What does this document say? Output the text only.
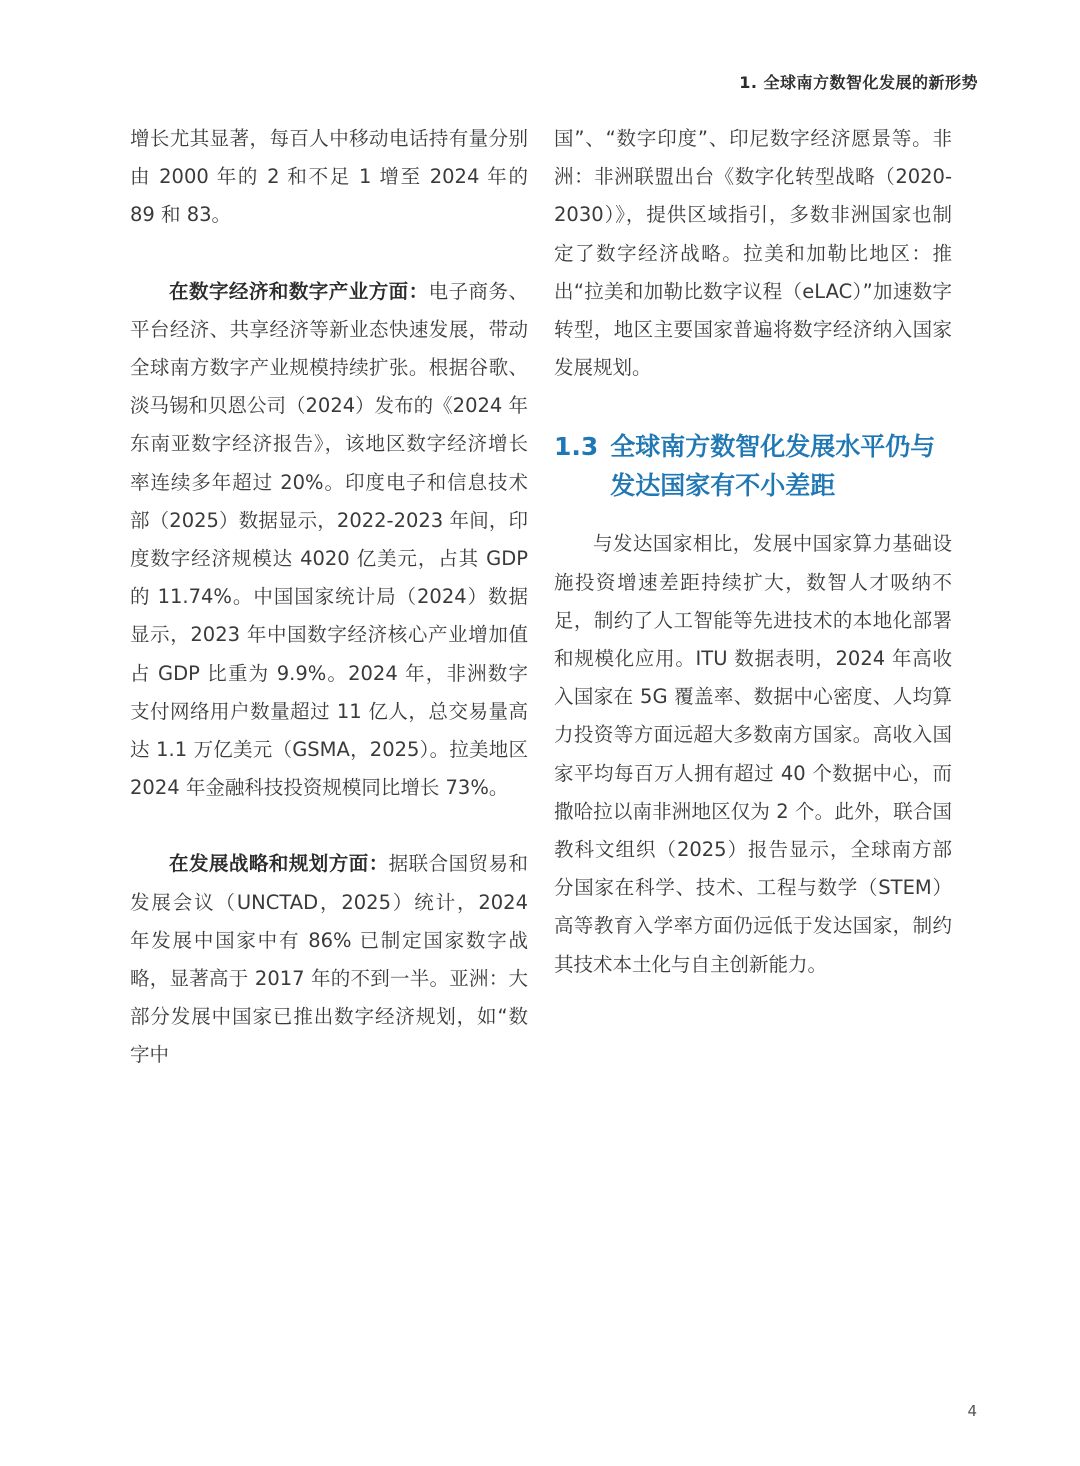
1. 全球南方数智化发展的新形势

增长尤其显著，每百人中移动电话持有量分别由 2000 年的 2 和不足 1 增至 2024 年的 89 和 83。

在数字经济和数字产业方面：电子商务、平台经济、共享经济等新业态快速发展，带动全球南方数字产业规模持续扩张。根据谷歌、淡马锡和贝恩公司（2024）发布的《2024 年东南亚数字经济报告》，该地区数字经济增长率连续多年超过 20%。印度电子和信息技术部（2025）数据显示，2022-2023 年间，印度数字经济规模达 4020 亿美元，占其 GDP 的 11.74%。中国国家统计局（2024）数据显示，2023 年中国数字经济核心产业增加值占 GDP 比重为 9.9%。2024 年，非洲数字支付网络用户数量超过 11 亿人，总交易量高达 1.1 万亿美元（GSMA，2025）。拉美地区 2024 年金融科技投资规模同比增长 73%。

在发展战略和规划方面：据联合国贸易和发展会议（UNCTAD，2025）统计，2024 年发展中国家中有 86% 已制定国家数字战略，显著高于 2017 年的不到一半。亚洲：大部分发展中国家已推出数字经济规划，如“数字中

国”、“数字印度”、印尼数字经济愿景等。非洲：非洲联盟出台《数字化转型战略（2020-2030）》，提供区域指引，多数非洲国家也制定了数字经济战略。拉美和加勒比地区：推出“拉美和加勒比数字议程（eLAC）”加速数字转型，地区主要国家普遍将数字经济纳入国家发展规划。

1.3 全球南方数智化发展水平仍与发达国家有不小差距

与发达国家相比，发展中国家算力基础设施投资增速差距持续扩大，数智人才吸纳不足，制约了人工智能等先进技术的本地化部署和规模化应用。ITU 数据表明，2024 年高收入国家在 5G 覆盖率、数据中心密度、人均算力投资等方面远超大多数南方国家。高收入国家平均每百万人拥有超过 40 个数据中心，而撒哈拉以南非洲地区仅为 2 个。此外，联合国教科文组织（2025）报告显示，全球南方部分国家在科学、技术、工程与数学（STEM）高等教育入学率方面仍远低于发达国家，制约其技术本土化与自主创新能力。

4
